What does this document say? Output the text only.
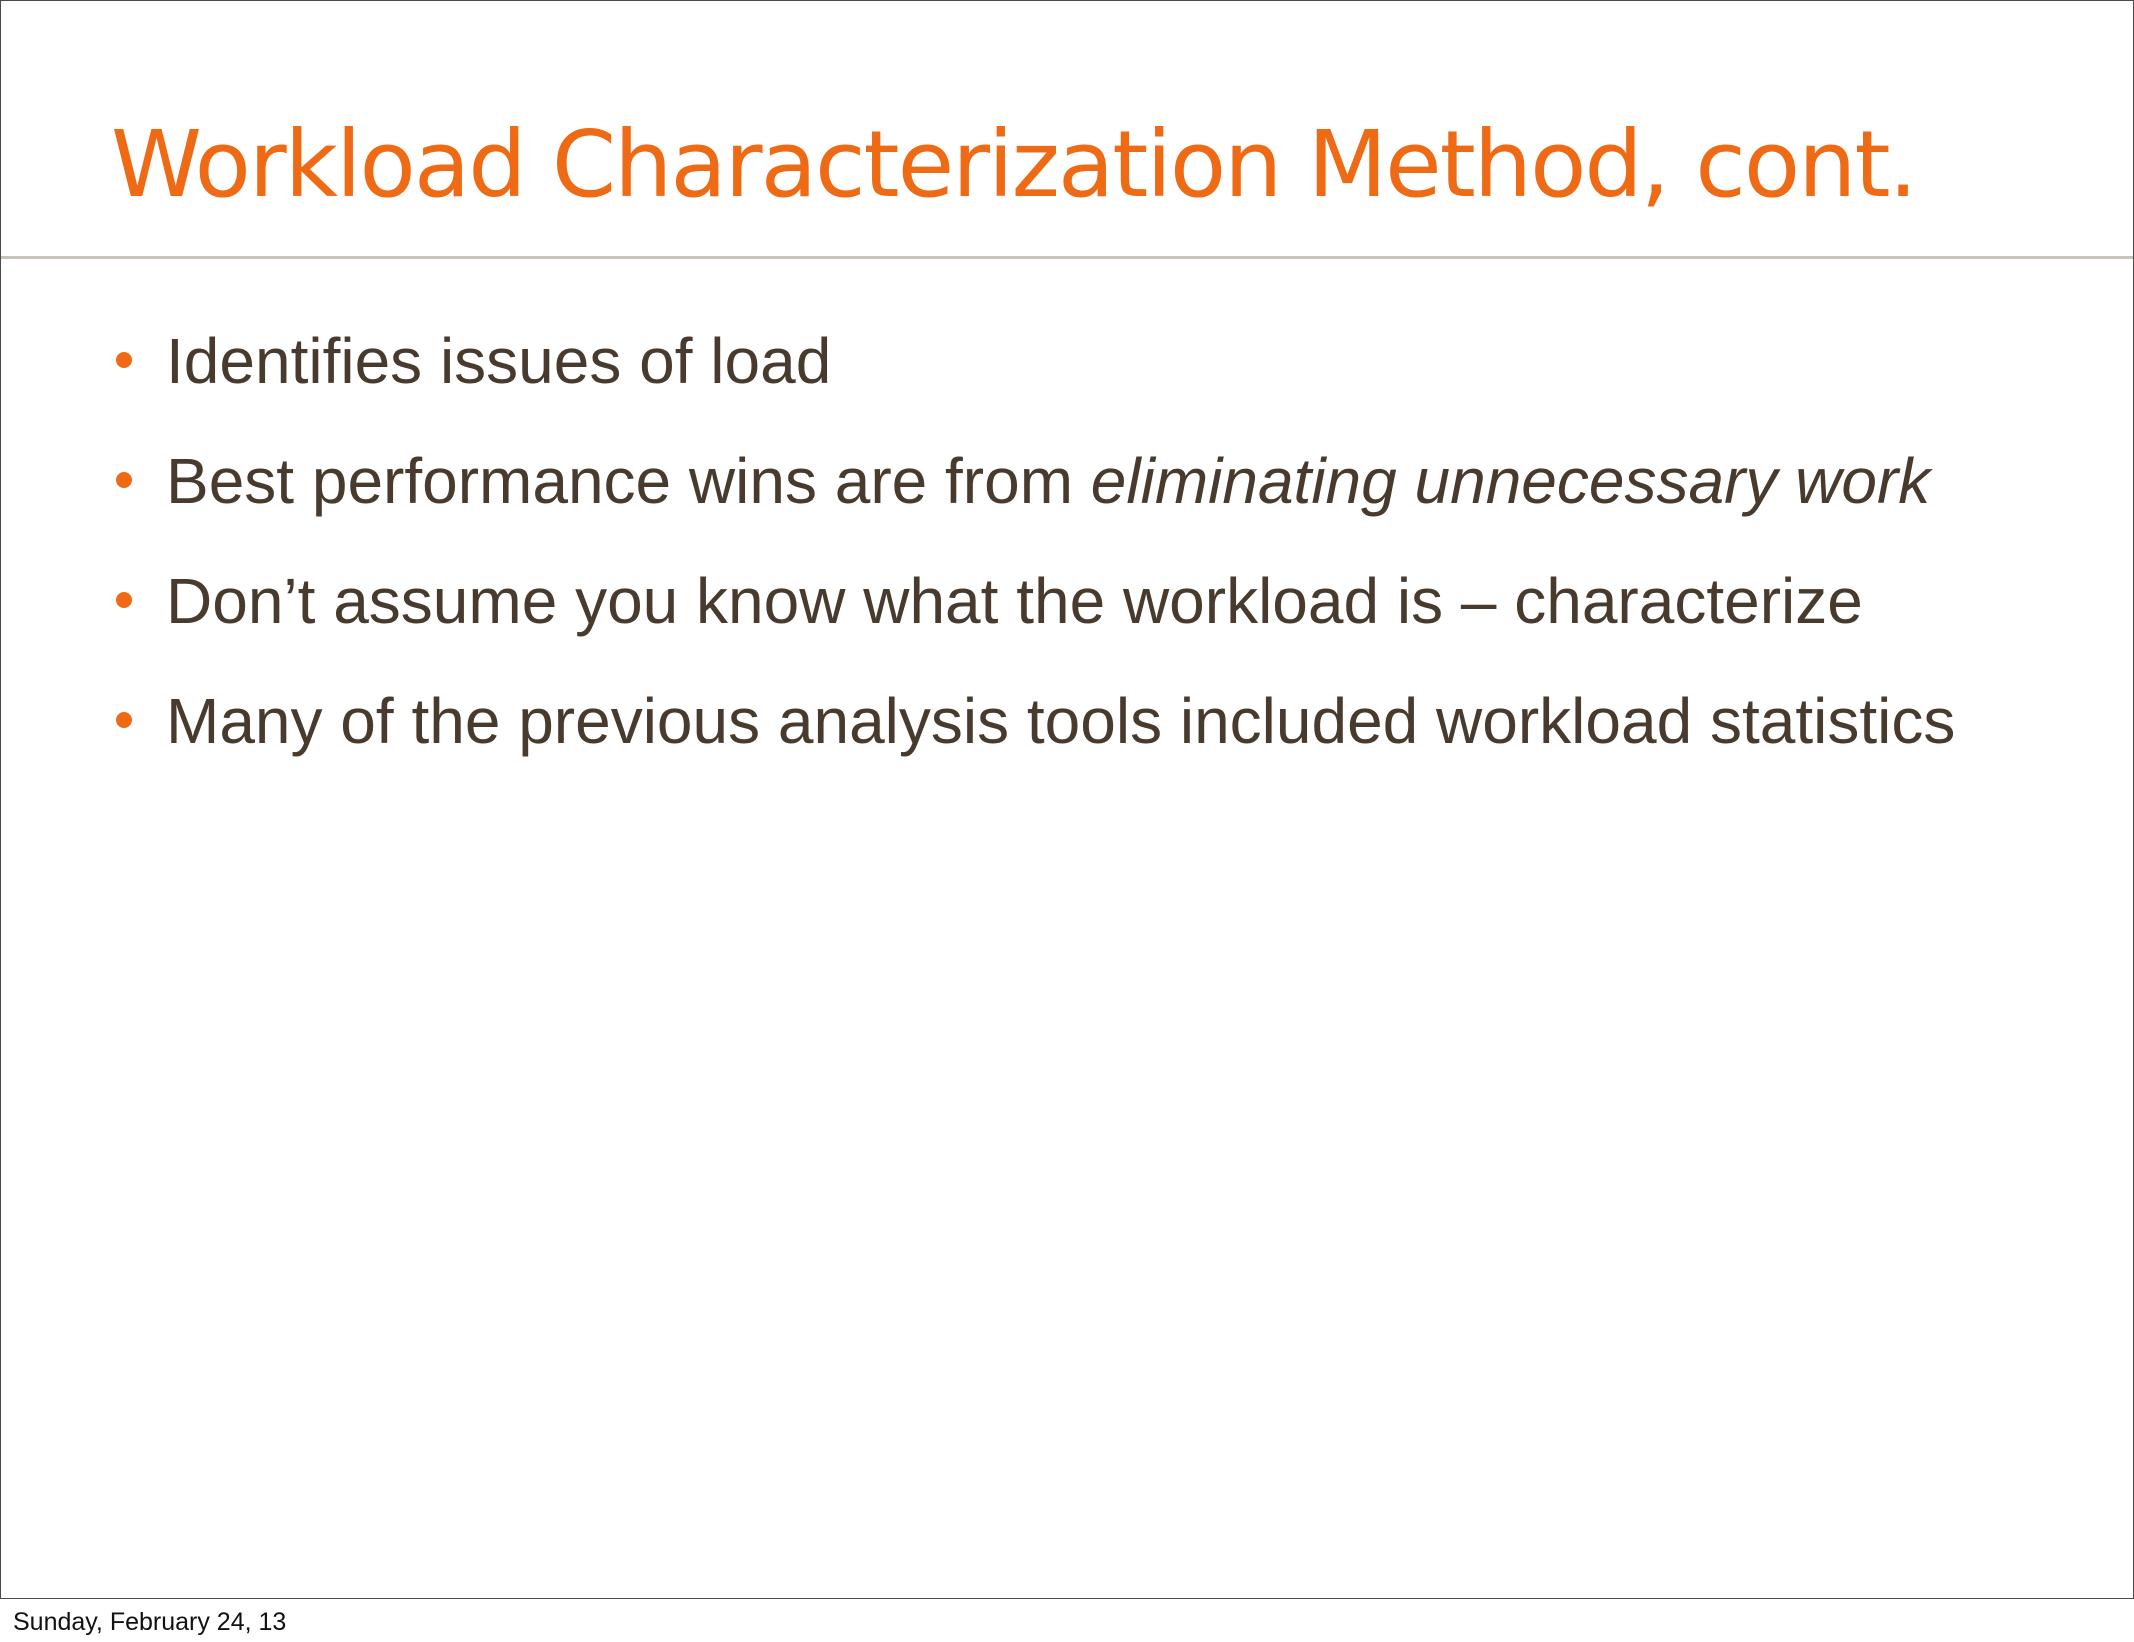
Workload Characterization Method, cont.
Identifies issues of load
Best performance wins are from eliminating unnecessary work
Don’t assume you know what the workload is – characterize
Many of the previous analysis tools included workload statistics
Sunday, February 24, 13
